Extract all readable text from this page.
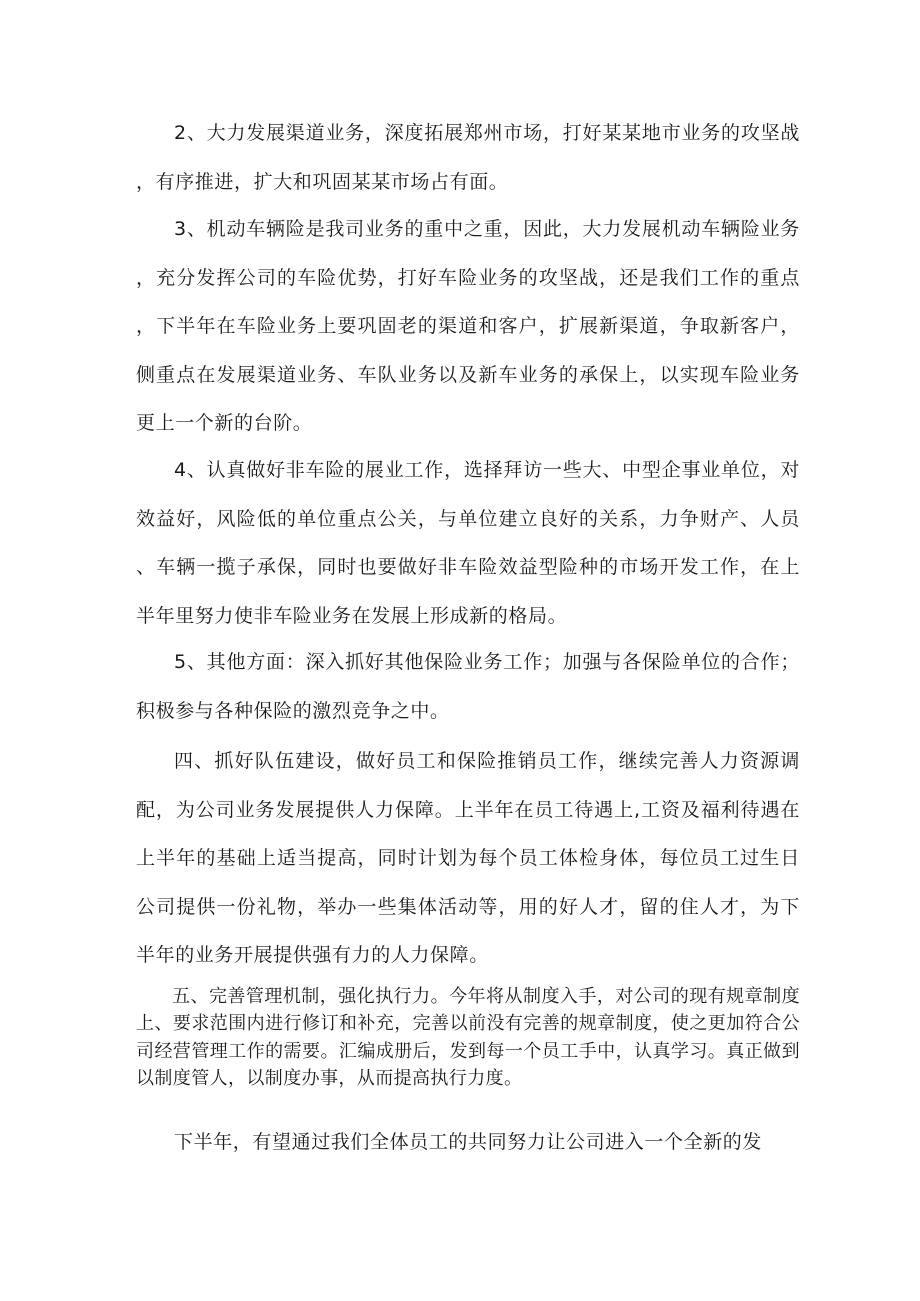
2、大力发展渠道业务，深度拓展郑州市场，打好某某地市业务的攻坚战，有序推进，扩大和巩固某某市场占有面。

3、机动车辆险是我司业务的重中之重，因此，大力发展机动车辆险业务，充分发挥公司的车险优势，打好车险业务的攻坚战，还是我们工作的重点，下半年在车险业务上要巩固老的渠道和客户，扩展新渠道，争取新客户，侧重点在发展渠道业务、车队业务以及新车业务的承保上，以实现车险业务更上一个新的台阶。

4、认真做好非车险的展业工作，选择拜访一些大、中型企事业单位，对效益好，风险低的单位重点公关，与单位建立良好的关系，力争财产、人员、车辆一揽子承保，同时也要做好非车险效益型险种的市场开发工作，在上半年里努力使非车险业务在发展上形成新的格局。

5、其他方面：深入抓好其他保险业务工作；加强与各保险单位的合作；积极参与各种保险的激烈竞争之中。

四、抓好队伍建设，做好员工和保险推销员工作，继续完善人力资源调配，为公司业务发展提供人力保障。上半年在员工待遇上,工资及福利待遇在上半年的基础上适当提高，同时计划为每个员工体检身体，每位员工过生日公司提供一份礼物，举办一些集体活动等，用的好人才，留的住人才，为下半年的业务开展提供强有力的人力保障。

五、完善管理机制，强化执行力。今年将从制度入手，对公司的现有规章制度上、要求范围内进行修订和补充，完善以前没有完善的规章制度，使之更加符合公司经营管理工作的需要。汇编成册后，发到每一个员工手中，认真学习。真正做到以制度管人，以制度办事，从而提高执行力度。

下半年，有望通过我们全体员工的共同努力让公司进入一个全新的发
